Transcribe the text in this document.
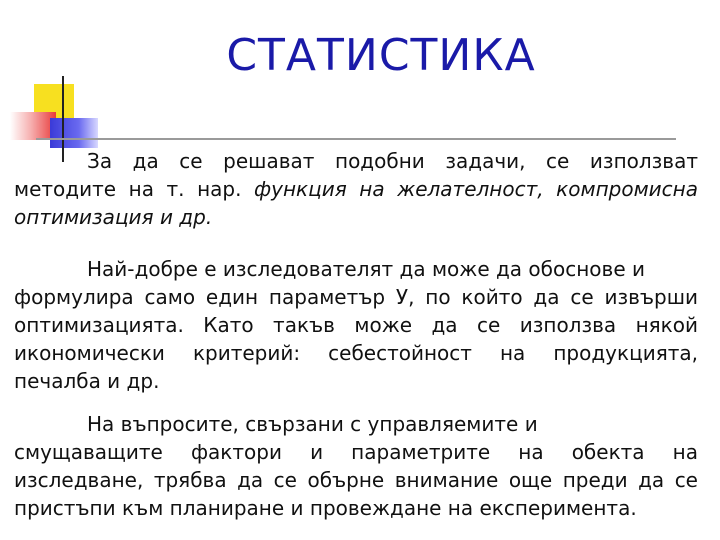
СТАТИСТИКА
За да се решават подобни задачи, се използват
методите на т. нар. функция на желателност, компромисна
оптимизация и др.
Най-добре е изследователят да може да обоснове и
формулира само един параметър У, по който да се извърши
оптимизацията. Като такъв може да се използва някой
икономически критерий: себестойност на продукцията,
печалба и др.
На въпросите, свързани с управляемите и
смущаващите фактори и параметрите на обекта на
изследване, трябва да се обърне внимание още преди да се
пристъпи към планиране и провеждане на експеримента.
